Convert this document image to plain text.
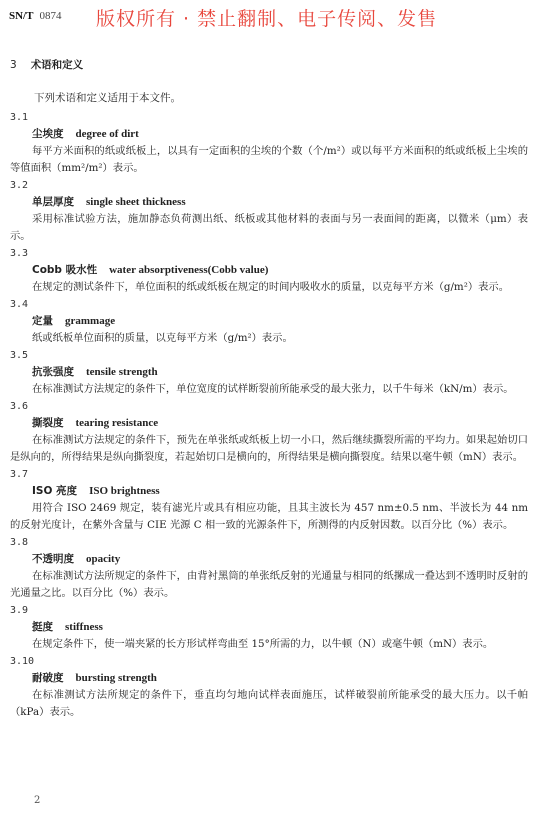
SN/T 0874 版权所有 · 禁止翻制、电子传阅、发售
3 术语和定义
下列术语和定义适用于本文件。
3.1
尘埃度 degree of dirt
每平方米面积的纸或纸板上，以具有一定面积的尘埃的个数（个/m²）或以每平方米面积的纸或纸板上尘埃的等值面积（mm²/m²）表示。
3.2
单层厚度 single sheet thickness
采用标准试验方法，施加静态负荷测出纸、纸板或其他材料的表面与另一表面间的距离，以微米（μm）表示。
3.3
Cobb 吸水性 water absorptiveness(Cobb value)
在规定的测试条件下，单位面积的纸或纸板在规定的时间内吸收水的质量，以克每平方米（g/m²）表示。
3.4
定量 grammage
纸或纸板单位面积的质量，以克每平方米（g/m²）表示。
3.5
抗张强度 tensile strength
在标准测试方法规定的条件下，单位宽度的试样断裂前所能承受的最大张力，以千牛每米（kN/m）表示。
3.6
撕裂度 tearing resistance
在标准测试方法规定的条件下，预先在单张纸或纸板上切一小口，然后继续撕裂所需的平均力。如果起始切口是纵向的，所得结果是纵向撕裂度，若起始切口是横向的，所得结果是横向撕裂度。结果以毫牛顿（mN）表示。
3.7
ISO 亮度 ISO brightness
用符合 ISO 2469 规定，装有滤光片或具有相应功能，且其主波长为 457 nm±0.5 nm、半波长为 44 nm的反射光度计，在紫外含量与 CIE 光源 C 相一致的光源条件下，所测得的内反射因数。以百分比（%）表示。
3.8
不透明度 opacity
在标准测试方法所规定的条件下，由背衬黑筒的单张纸反射的光通量与相同的纸摞成一叠达到不透明时反射的光通量之比。以百分比（%）表示。
3.9
挺度 stiffness
在规定条件下，使一端夹紧的长方形试样弯曲至 15°所需的力，以牛顿（N）或毫牛顿（mN）表示。
3.10
耐破度 bursting strength
在标准测试方法所规定的条件下，垂直均匀地向试样表面施压，试样破裂前所能承受的最大压力。以千帕（kPa）表示。
2
